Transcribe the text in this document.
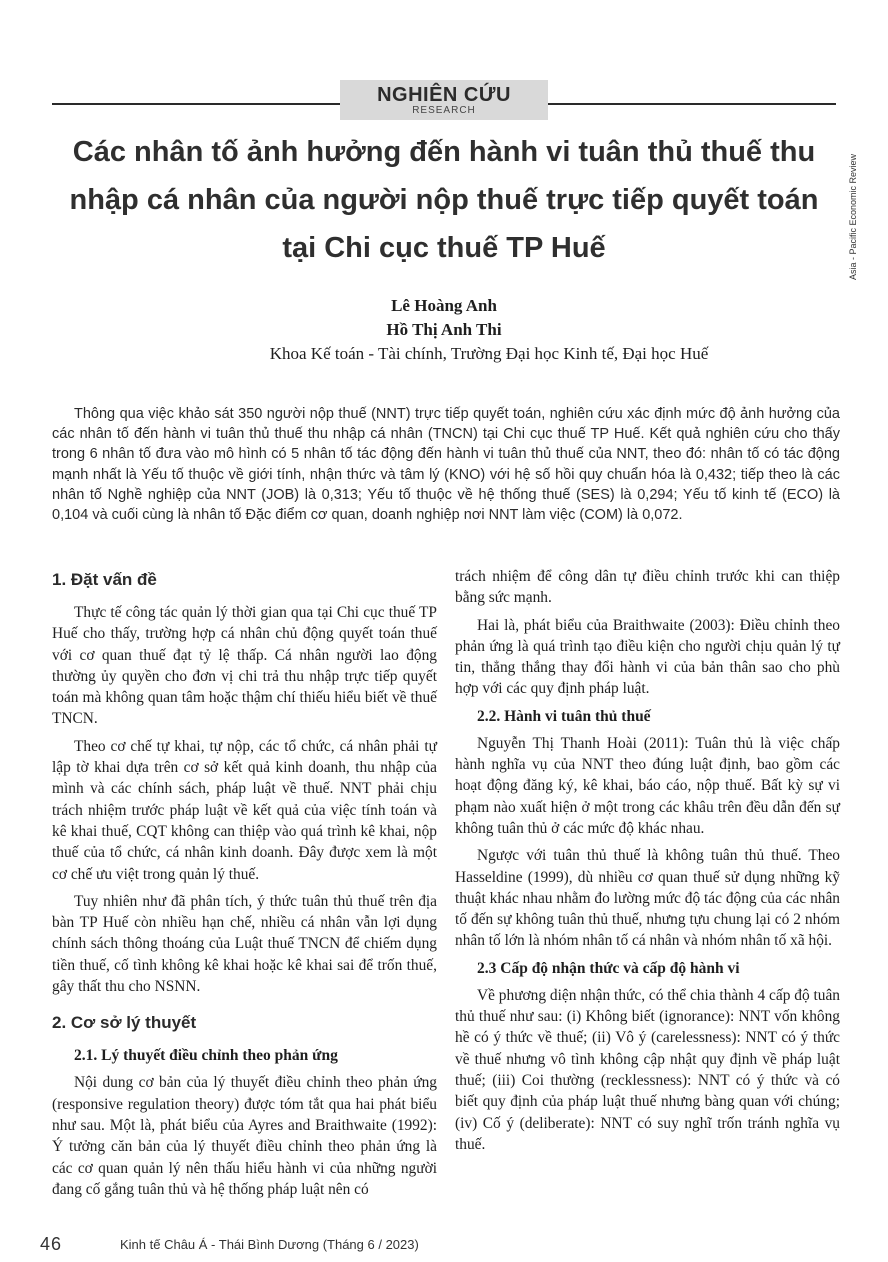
NGHIÊN CỨU
RESEARCH
Asia - Pacific Economic Review
Các nhân tố ảnh hưởng đến hành vi tuân thủ thuế thu
nhập cá nhân của người nộp thuế trực tiếp quyết toán
tại Chi cục thuế TP Huế
Lê Hoàng Anh
Hồ Thị Anh Thi
Khoa Kế toán - Tài chính, Trường Đại học Kinh tế, Đại học Huế

Thông qua việc khảo sát 350 người nộp thuế (NNT) trực tiếp quyết toán, nghiên cứu xác định mức độ ảnh hưởng của các nhân tố đến hành vi tuân thủ thuế thu nhập cá nhân (TNCN) tại Chi cục thuế TP Huế. Kết quả nghiên cứu cho thấy trong 6 nhân tố đưa vào mô hình có 5 nhân tố tác động đến hành vi tuân thủ thuế của NNT, theo đó: nhân tố có tác động mạnh nhất là Yếu tố thuộc về giới tính, nhận thức và tâm lý (KNO) với hệ số hồi quy chuẩn hóa là 0,432; tiếp theo là các nhân tố Nghề nghiệp của NNT (JOB) là 0,313; Yếu tố thuộc về hệ thống thuế (SES) là 0,294; Yếu tố kinh tế (ECO) là 0,104 và cuối cùng là nhân tố Đặc điểm cơ quan, doanh nghiệp nơi NNT làm việc (COM) là 0,072.

1. Đặt vấn đề

Thực tế công tác quản lý thời gian qua tại Chi cục thuế TP Huế cho thấy, trường hợp cá nhân chủ động quyết toán thuế với cơ quan thuế đạt tỷ lệ thấp. Cá nhân người lao động thường ủy quyền cho đơn vị chi trả thu nhập trực tiếp quyết toán mà không quan tâm hoặc thậm chí thiếu hiểu biết về thuế TNCN.

Theo cơ chế tự khai, tự nộp, các tổ chức, cá nhân phải tự lập tờ khai dựa trên cơ sở kết quả kinh doanh, thu nhập của mình và các chính sách, pháp luật về thuế. NNT phải chịu trách nhiệm trước pháp luật về kết quả của việc tính toán và kê khai thuế, CQT không can thiệp vào quá trình kê khai, nộp thuế của tổ chức, cá nhân kinh doanh. Đây được xem là một cơ chế ưu việt trong quản lý thuế.

Tuy nhiên như đã phân tích, ý thức tuân thủ thuế trên địa bàn TP Huế còn nhiều hạn chế, nhiều cá nhân vẫn lợi dụng chính sách thông thoáng của Luật thuế TNCN để chiếm dụng tiền thuế, cố tình không kê khai hoặc kê khai sai để trốn thuế, gây thất thu cho NSNN.

2. Cơ sở lý thuyết
2.1. Lý thuyết điều chỉnh theo phản ứng

Nội dung cơ bản của lý thuyết điều chỉnh theo phản ứng (responsive regulation theory) được tóm tắt qua hai phát biểu như sau. Một là, phát biểu của Ayres and Braithwaite (1992): Ý tưởng căn bản của lý thuyết điều chỉnh theo phản ứng là các cơ quan quản lý nên thấu hiểu hành vi của những người đang cố gắng tuân thủ và hệ thống pháp luật nên có

trách nhiệm để công dân tự điều chỉnh trước khi can thiệp bằng sức mạnh.

Hai là, phát biểu của Braithwaite (2003): Điều chỉnh theo phản ứng là quá trình tạo điều kiện cho người chịu quản lý tự tin, thẳng thắng thay đổi hành vi của bản thân sao cho phù hợp với các quy định pháp luật.

2.2. Hành vi tuân thủ thuế

Nguyễn Thị Thanh Hoài (2011): Tuân thủ là việc chấp hành nghĩa vụ của NNT theo đúng luật định, bao gồm các hoạt động đăng ký, kê khai, báo cáo, nộp thuế. Bất kỳ sự vi phạm nào xuất hiện ở một trong các khâu trên đều dẫn đến sự không tuân thủ ở các mức độ khác nhau.

Ngược với tuân thủ thuế là không tuân thủ thuế. Theo Hasseldine (1999), dù nhiều cơ quan thuế sử dụng những kỹ thuật khác nhau nhằm đo lường mức độ tác động của các nhân tố đến sự không tuân thủ thuế, nhưng tựu chung lại có 2 nhóm nhân tố lớn là nhóm nhân tố cá nhân và nhóm nhân tố xã hội.

2.3 Cấp độ nhận thức và cấp độ hành vi

Về phương diện nhận thức, có thể chia thành 4 cấp độ tuân thủ thuế như sau: (i) Không biết (ignorance): NNT vốn không hề có ý thức về thuế; (ii) Vô ý (carelessness): NNT có ý thức về thuế nhưng vô tình không cập nhật quy định về pháp luật thuế; (iii) Coi thường (recklessness): NNT có ý thức và có biết quy định của pháp luật thuế nhưng bàng quan với chúng; (iv) Cố ý (deliberate): NNT có suy nghĩ trốn tránh nghĩa vụ thuế.

46	Kinh tế Châu Á - Thái Bình Dương (Tháng 6 / 2023)
